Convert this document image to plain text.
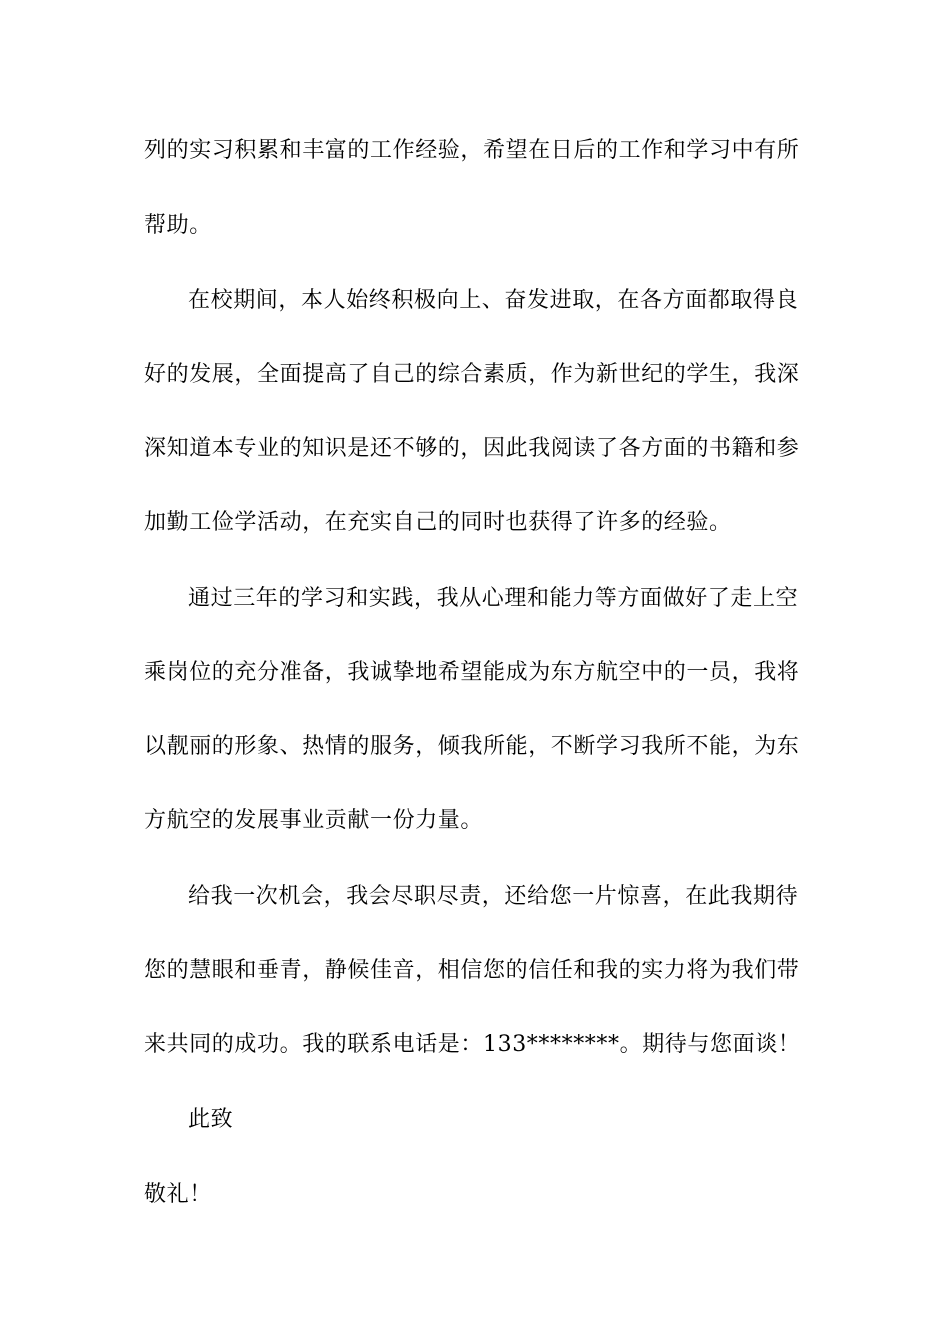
列的实习积累和丰富的工作经验，希望在日后的工作和学习中有所
帮助。
在校期间，本人始终积极向上、奋发进取，在各方面都取得良
好的发展，全面提高了自己的综合素质，作为新世纪的学生，我深
深知道本专业的知识是还不够的，因此我阅读了各方面的书籍和参
加勤工俭学活动，在充实自己的同时也获得了许多的经验。
通过三年的学习和实践，我从心理和能力等方面做好了走上空
乘岗位的充分准备，我诚挚地希望能成为东方航空中的一员，我将
以靓丽的形象、热情的服务，倾我所能，不断学习我所不能，为东
方航空的发展事业贡献一份力量。
给我一次机会，我会尽职尽责，还给您一片惊喜，在此我期待
您的慧眼和垂青，静候佳音，相信您的信任和我的实力将为我们带
来共同的成功。我的联系电话是：133********。期待与您面谈！
此致
敬礼！
